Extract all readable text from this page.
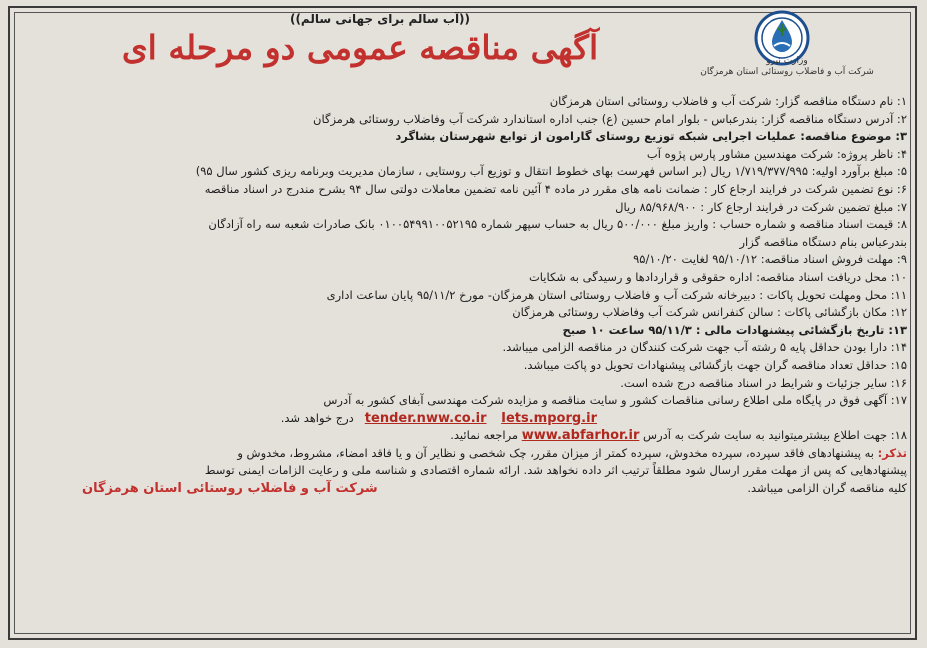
((آب سالم برای جهانی سالم))
آگهی مناقصه عمومی دو مرحله ای	وزارت نیرو
شرکت آب و فاضلاب روستائی استان هرمزگان
۱: نام دستگاه مناقصه گزار: شرکت آب و فاضلاب روستائی استان هرمزگان
۲: آدرس دستگاه مناقصه گزار: بندرعباس - بلوار امام حسین (ع) جنب اداره استاندارد شرکت آب وفاضلاب روستائی هرمزگان
۳: موضوع مناقصه: عملیات اجرایی شبکه توزیع روستای گارامون از توابع شهرستان بشاگرد
۴: ناظر پروژه: شرکت مهندسین مشاور پارس پژوه آب
۵: مبلغ برآورد اولیه: ۱/۷۱۹/۳۷۷/۹۹۵ ریال (بر اساس فهرست بهای خطوط انتقال و توزیع آب روستایی ، سازمان مدیریت وبرنامه ریزی کشور سال ۹۵)
۶: نوع تضمین شرکت در فرایند ارجاع کار : ضمانت نامه های مقرر در ماده ۴ آئین نامه تضمین معاملات دولتی سال ۹۴ بشرح مندرج در اسناد مناقصه
۷: مبلغ تضمین شرکت در فرایند ارجاع کار : ۸۵/۹۶۸/۹۰۰ ریال
۸: قیمت اسناد مناقصه و شماره حساب : واریز مبلغ ۵۰۰/۰۰۰ ریال به حساب سپهر شماره ۰۱۰۰۵۴۹۹۱۰۰۵۲۱۹۵ بانک صادرات شعبه سه راه آزادگان
بندرعباس بنام دستگاه مناقصه گزار
۹: مهلت فروش اسناد مناقصه: ۹۵/۱۰/۱۲ لغایت ۹۵/۱۰/۲۰
۱۰: محل دریافت اسناد مناقصه: اداره حقوقی و قراردادها و رسیدگی به شکایات
۱۱: محل ومهلت تحویل پاکات : دبیرخانه شرکت آب و فاضلاب روستائی استان هرمزگان- مورخ ۹۵/۱۱/۲ پایان ساعت اداری
۱۲: مکان بازگشائی پاکات : سالن کنفرانس شرکت آب وفاضلاب روستائی هرمزگان
۱۳: تاریخ بازگشائی پیشنهادات مالی : ۹۵/۱۱/۳ ساعت ۱۰ صبح
۱۴: دارا بودن حداقل پایه ۵ رشته آب جهت شرکت کنندگان در مناقصه الزامی میباشد.
۱۵: حداقل تعداد مناقصه گران جهت بازگشائی پیشنهادات تحویل دو پاکت میباشد.
۱۶: سایر جزئیات و شرایط در اسناد مناقصه درج شده است.
۱۷: آگهی فوق در پایگاه ملی اطلاع رسانی مناقصات کشور و سایت مناقصه و مزایده شرکت مهندسی آبفای کشور به آدرس
tender.nww.co.ir Iets.mporg.ir   درج خواهد شد.
۱۸: جهت اطلاع بیشترمیتوانید به سایت شرکت به آدرس www.abfarhor.ir مراجعه نمائید.
تذکر: به پیشنهادهای فاقد سپرده، سپرده مخدوش، سپرده کمتر از میزان مقرر، چک شخصی و نظایر آن و یا فاقد امضاء، مشروط، مخدوش و
پیشنهادهایی که پس از مهلت مقرر ارسال شود مطلقاً ترتیب اثر داده نخواهد شد. ارائه شماره اقتصادی و شناسه ملی و رعایت الزامات ایمنی توسط
کلیه مناقصه گران الزامی میباشد.
شرکت آب و فاضلاب روستائی استان هرمزگان
